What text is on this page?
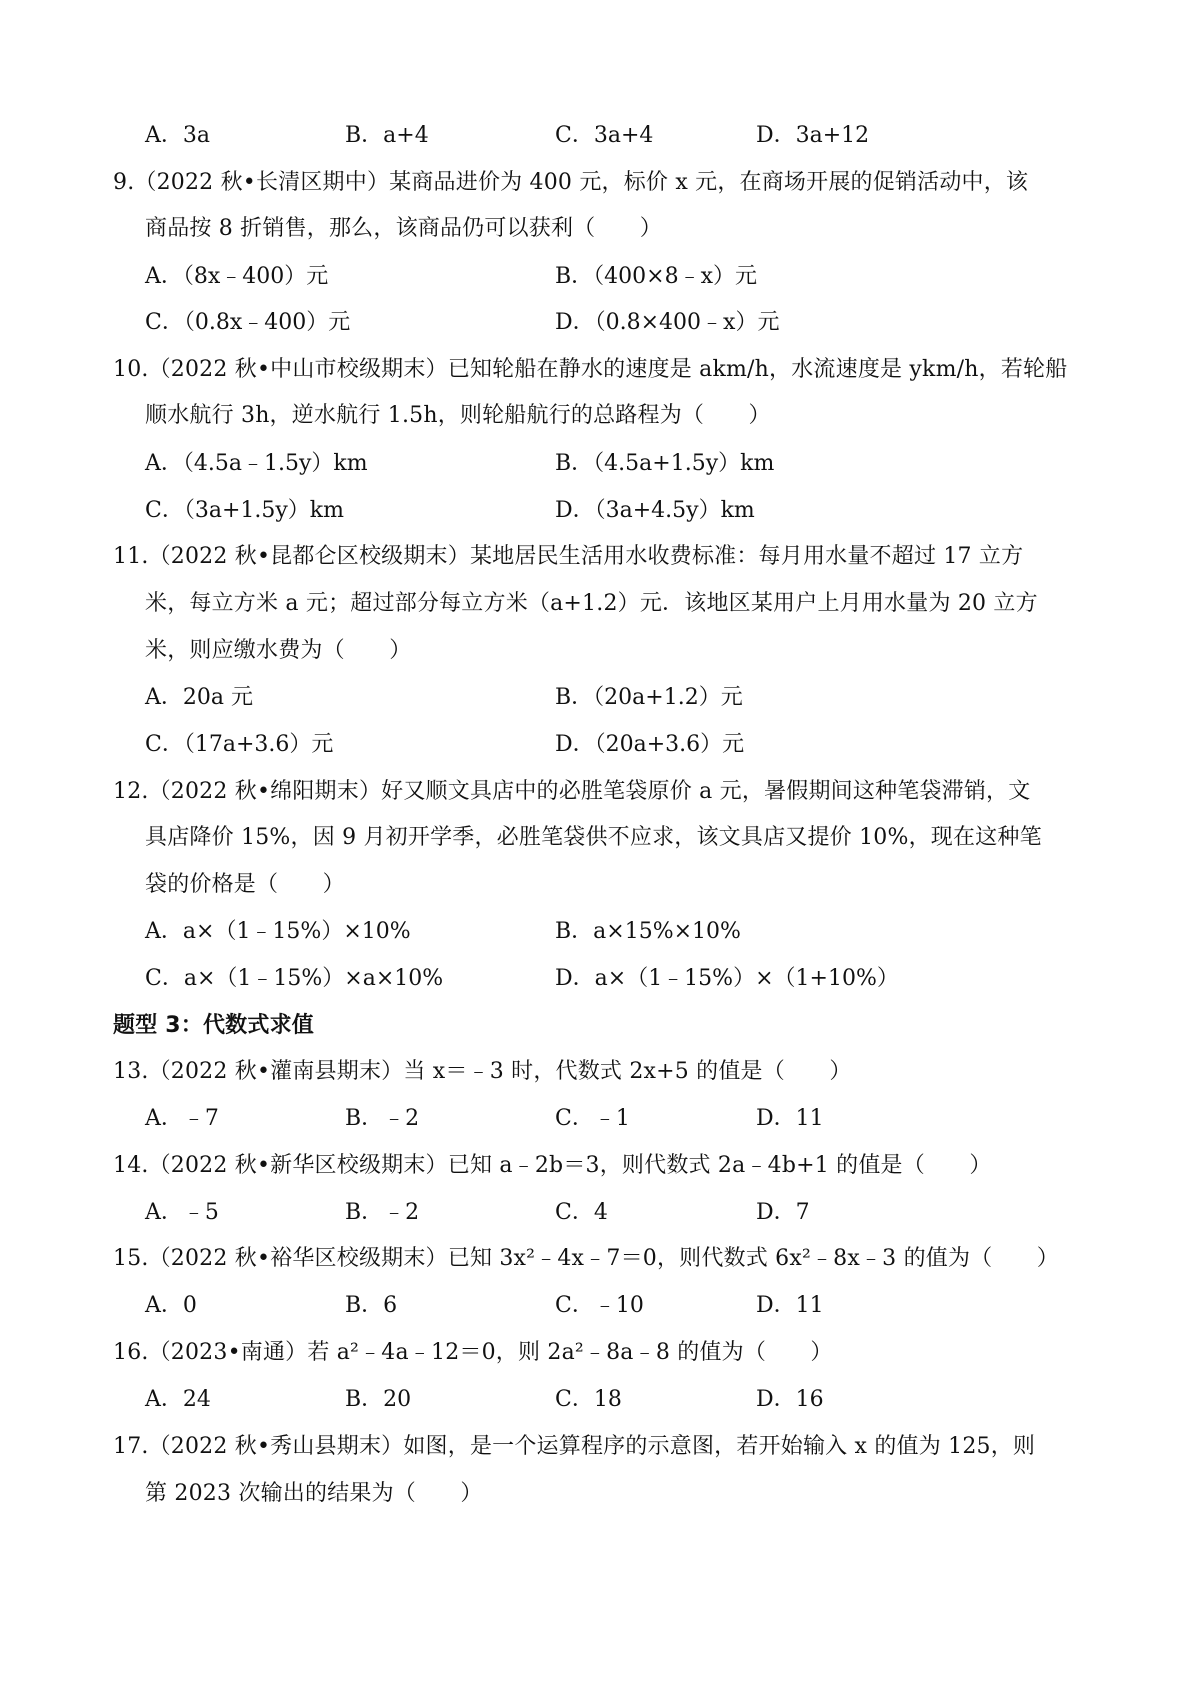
A．3a	B．a+4	C．3a+4	D．3a+12
9.（2022 秋•长清区期中）某商品进价为 400 元，标价 x 元，在商场开展的促销活动中，该
商品按 8 折销售，那么，该商品仍可以获利（　　）
A．（8x﹣400）元	B．（400×8﹣x）元
C．（0.8x﹣400）元	D．（0.8×400﹣x）元
10.（2022 秋•中山市校级期末）已知轮船在静水的速度是 akm/h，水流速度是 ykm/h，若轮船
顺水航行 3h，逆水航行 1.5h，则轮船航行的总路程为（　　）
A．（4.5a﹣1.5y）km	B．（4.5a+1.5y）km
C．（3a+1.5y）km	D．（3a+4.5y）km
11.（2022 秋•昆都仑区校级期末）某地居民生活用水收费标准：每月用水量不超过 17 立方
米，每立方米 a 元；超过部分每立方米（a+1.2）元．该地区某用户上月用水量为 20 立方
米，则应缴水费为（　　）
A．20a 元	B．（20a+1.2）元
C．（17a+3.6）元	D．（20a+3.6）元
12.（2022 秋•绵阳期末）好又顺文具店中的必胜笔袋原价 a 元，暑假期间这种笔袋滞销，文
具店降价 15%，因 9 月初开学季，必胜笔袋供不应求，该文具店又提价 10%，现在这种笔
袋的价格是（　　）
A．a×（1﹣15%）×10%	B．a×15%×10%
C．a×（1﹣15%）×a×10%	D．a×（1﹣15%）×（1+10%）
题型 3：代数式求值
13.（2022 秋•灌南县期末）当 x＝﹣3 时，代数式 2x+5 的值是（　　）
A．﹣7	B．﹣2	C．﹣1	D．11
14.（2022 秋•新华区校级期末）已知 a﹣2b＝3，则代数式 2a﹣4b+1 的值是（　　）
A．﹣5	B．﹣2	C．4	D．7
15.（2022 秋•裕华区校级期末）已知 3x²﹣4x﹣7＝0，则代数式 6x²﹣8x﹣3 的值为（　　）
A．0	B．6	C．﹣10	D．11
16.（2023•南通）若 a²﹣4a﹣12＝0，则 2a²﹣8a﹣8 的值为（　　）
A．24	B．20	C．18	D．16
17.（2022 秋•秀山县期末）如图，是一个运算程序的示意图，若开始输入 x 的值为 125，则
第 2023 次输出的结果为（　　）
